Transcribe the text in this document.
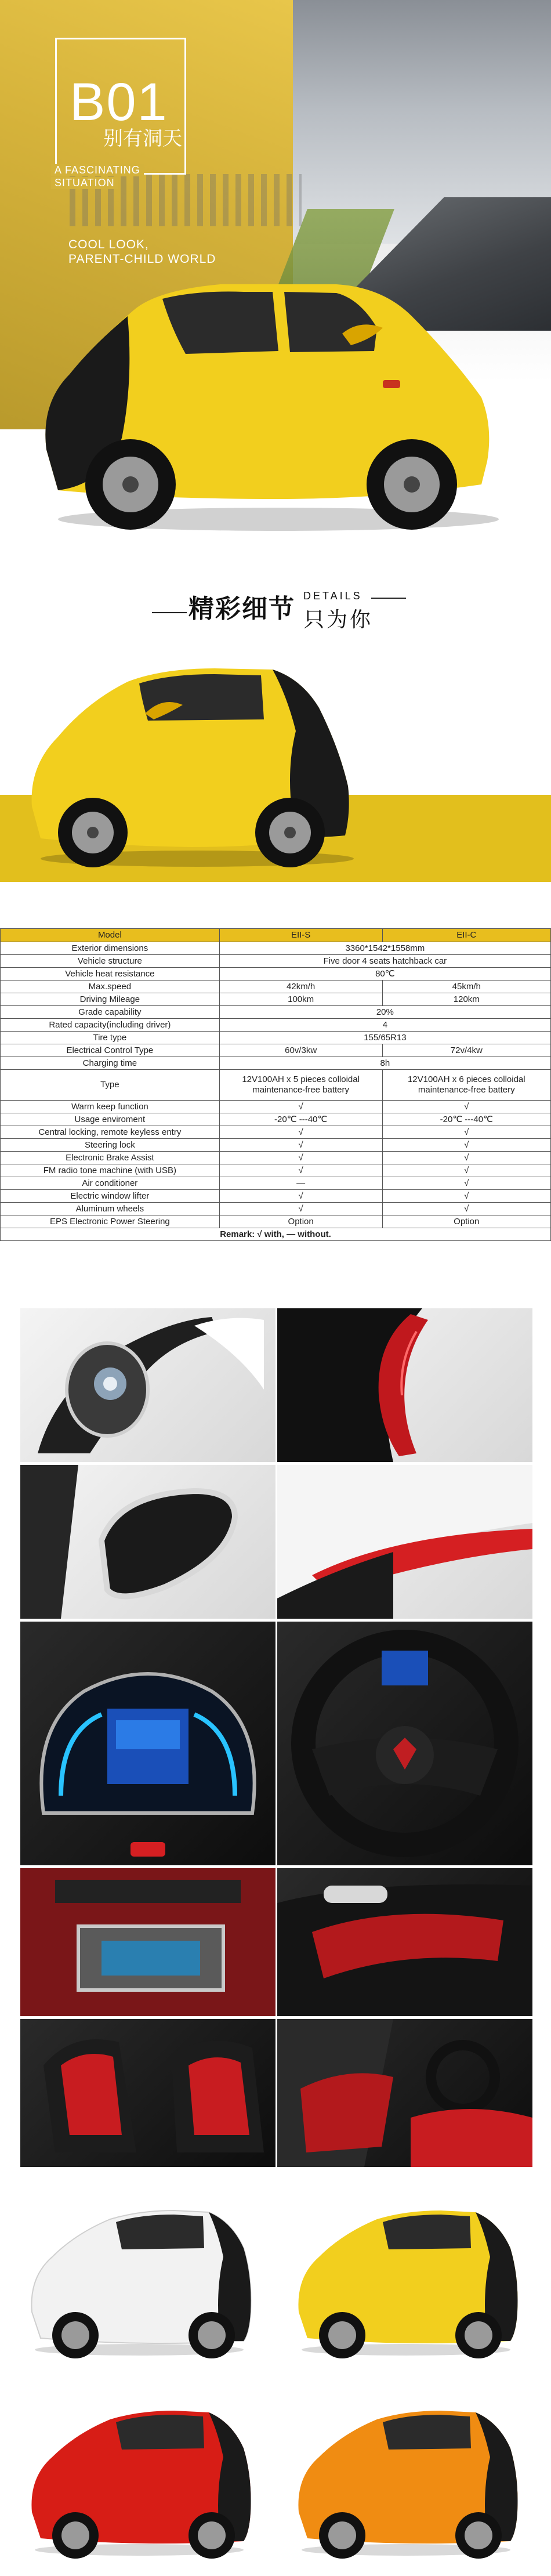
B01
别有洞天
A FASCINATING
SITUATION
COOL LOOK,
PARENT-CHILD WORLD
精彩细节 DETAILS
只为你
Model	EII-S	EII-C
Exterior dimensions	3360*1542*1558mm	
Vehicle structure	Five door 4 seats hatchback car	
Vehicle heat resistance	80℃	
Max.speed	42km/h	45km/h
Driving Mileage	100km	120km
Grade capability	20%	
Rated capacity(including driver)	4	
Tire type	155/65R13	
Electrical Control Type	60v/3kw	72v/4kw
Charging time	8h	
Type	12V100AH x 5 pieces colloidal maintenance-free battery	12V100AH x 6 pieces colloidal maintenance-free battery
Warm keep function	√	√
Usage enviroment	-20℃ ---40℃	-20℃ ---40℃
Central locking, remote keyless entry	√	√
Steering lock	√	√
Electronic Brake Assist	√	√
FM radio tone machine (with USB)	√	√
Air conditioner	—	√
Electric window lifter	√	√
Aluminum wheels	√	√
EPS Electronic Power Steering	Option	Option
Remark: √ with, — without.		
